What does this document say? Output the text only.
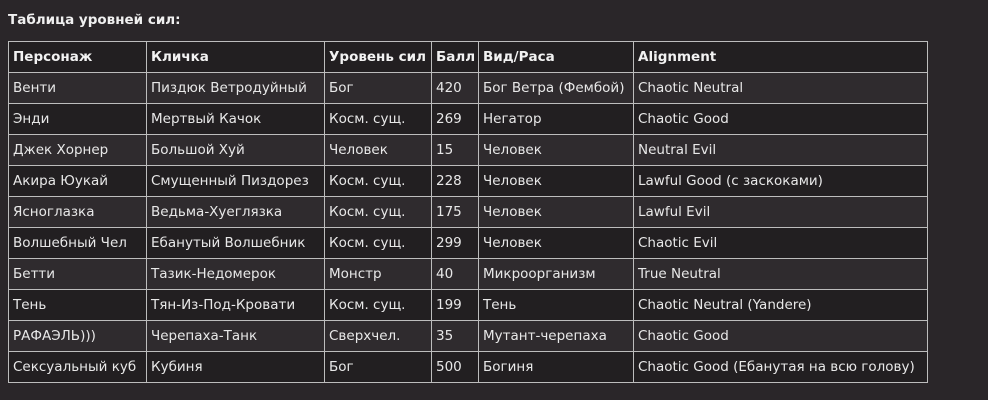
Таблица уровней сил:

Персонаж	Кличка	Уровень сил	Балл	Вид/Раса	Alignment
Венти	Пиздюк Ветродуйный	Бог	420	Бог Ветра (Фембой)	Chaotic Neutral
Энди	Мертвый Качок	Косм. сущ.	269	Негатор	Chaotic Good
Джек Хорнер	Большой Хуй	Человек	15	Человек	Neutral Evil
Акира Юукай	Смущенный Пиздорез	Косм. сущ.	228	Человек	Lawful Good (с заскоками)
Ясноглазка	Ведьма-Хуеглязка	Косм. сущ.	175	Человек	Lawful Evil
Волшебный Чел	Ебанутый Волшебник	Косм. сущ.	299	Человек	Chaotic Evil
Бетти	Тазик-Недомерок	Монстр	40	Микроорганизм	True Neutral
Тень	Тян-Из-Под-Кровати	Косм. сущ.	199	Тень	Chaotic Neutral (Yandere)
РАФАЭЛЬ)))	Черепаха-Танк	Сверхчел.	35	Мутант-черепаха	Chaotic Good
Сексуальный куб	Кубиня	Бог	500	Богиня	Chaotic Good (Ебанутая на всю голову)
